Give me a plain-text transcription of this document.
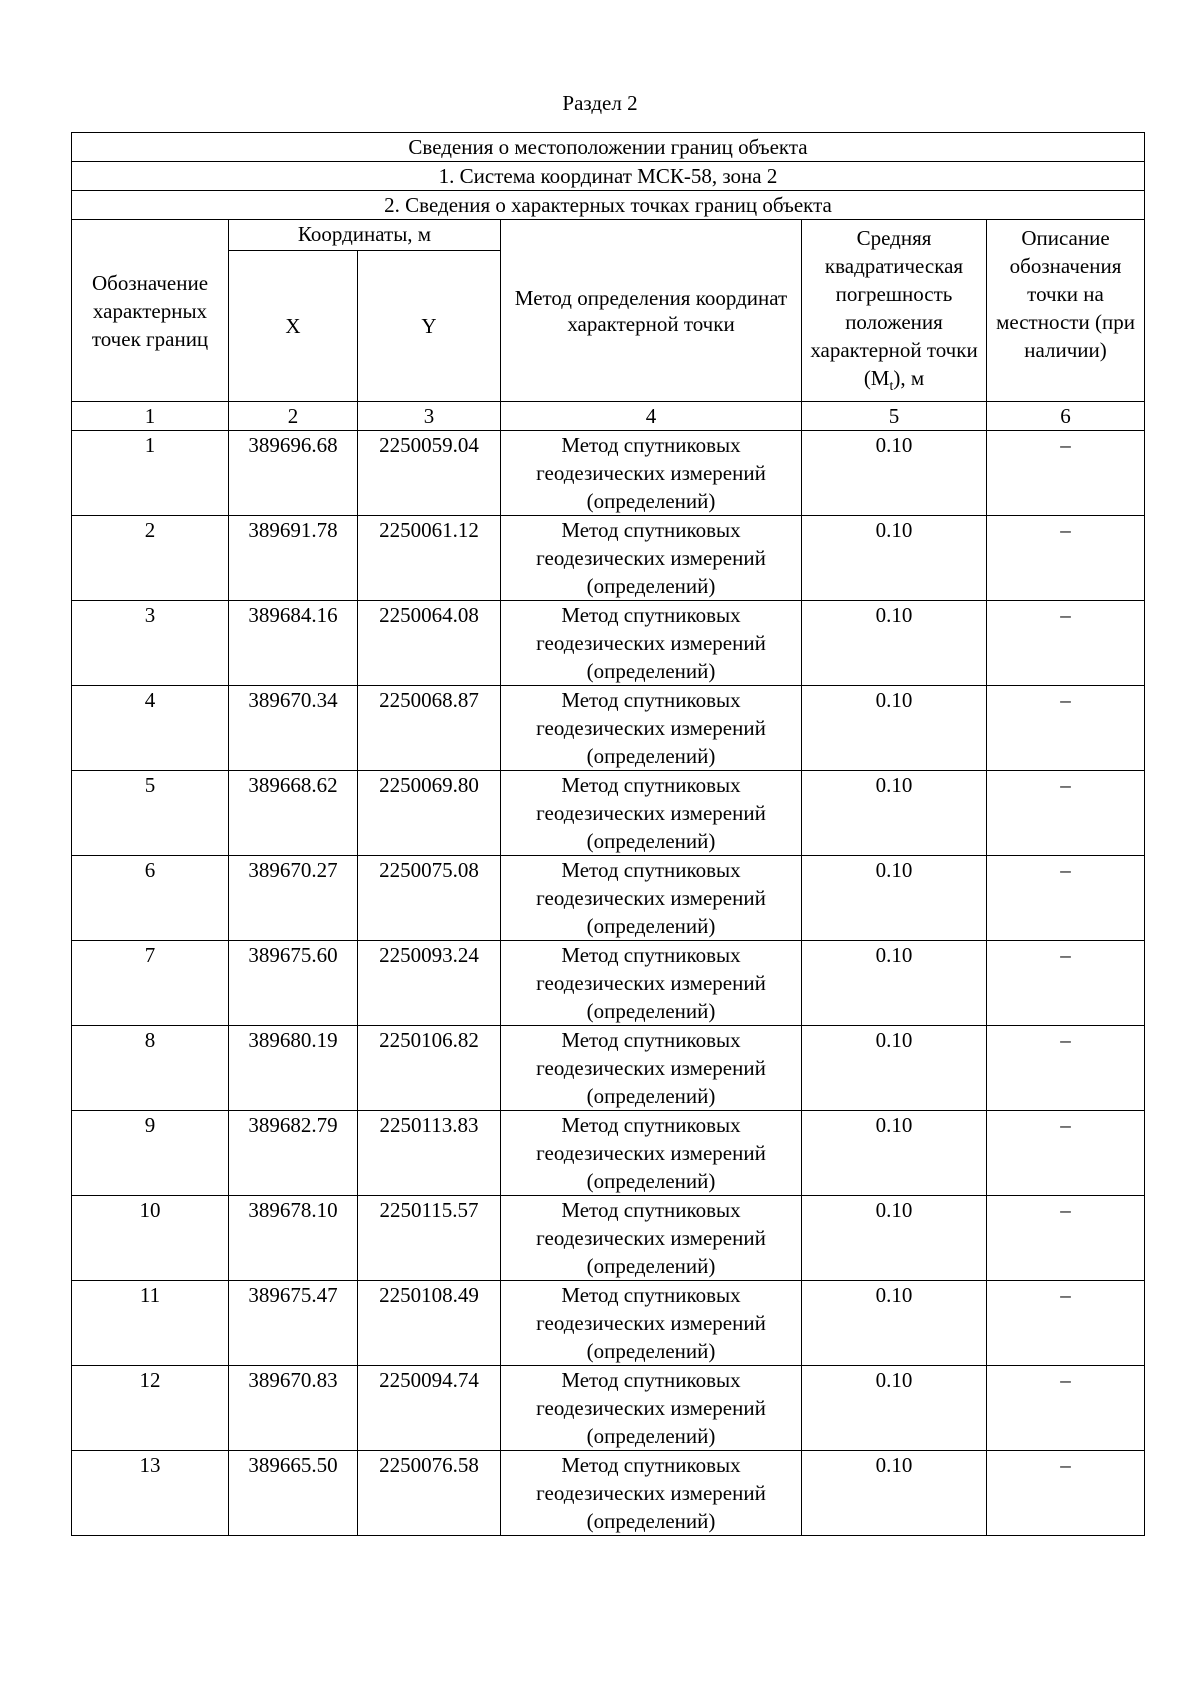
Раздел 2
Сведения о местоположении границ объекта					
1. Система координат МСК-58, зона 2					
2. Сведения о характерных точках границ объекта					
Обозначение характерных точек границ	Координаты, м		Метод определения координат характерной точки	Средняя квадратическая погрешность положения характерной точки $(M_t)$, м	Описание обозначения точки на местности (при наличии)
	X	Y			
1	2	3	4	5	6
1	389696.68	2250059.04	Метод спутниковых геодезических измерений (определений)	0.10	–
2	389691.78	2250061.12	Метод спутниковых геодезических измерений (определений)	0.10	–
3	389684.16	2250064.08	Метод спутниковых геодезических измерений (определений)	0.10	–
4	389670.34	2250068.87	Метод спутниковых геодезических измерений (определений)	0.10	–
5	389668.62	2250069.80	Метод спутниковых геодезических измерений (определений)	0.10	–
6	389670.27	2250075.08	Метод спутниковых геодезических измерений (определений)	0.10	–
7	389675.60	2250093.24	Метод спутниковых геодезических измерений (определений)	0.10	–
8	389680.19	2250106.82	Метод спутниковых геодезических измерений (определений)	0.10	–
9	389682.79	2250113.83	Метод спутниковых геодезических измерений (определений)	0.10	–
10	389678.10	2250115.57	Метод спутниковых геодезических измерений (определений)	0.10	–
11	389675.47	2250108.49	Метод спутниковых геодезических измерений (определений)	0.10	–
12	389670.83	2250094.74	Метод спутниковых геодезических измерений (определений)	0.10	–
13	389665.50	2250076.58	Метод спутниковых геодезических измерений (определений)	0.10	–
